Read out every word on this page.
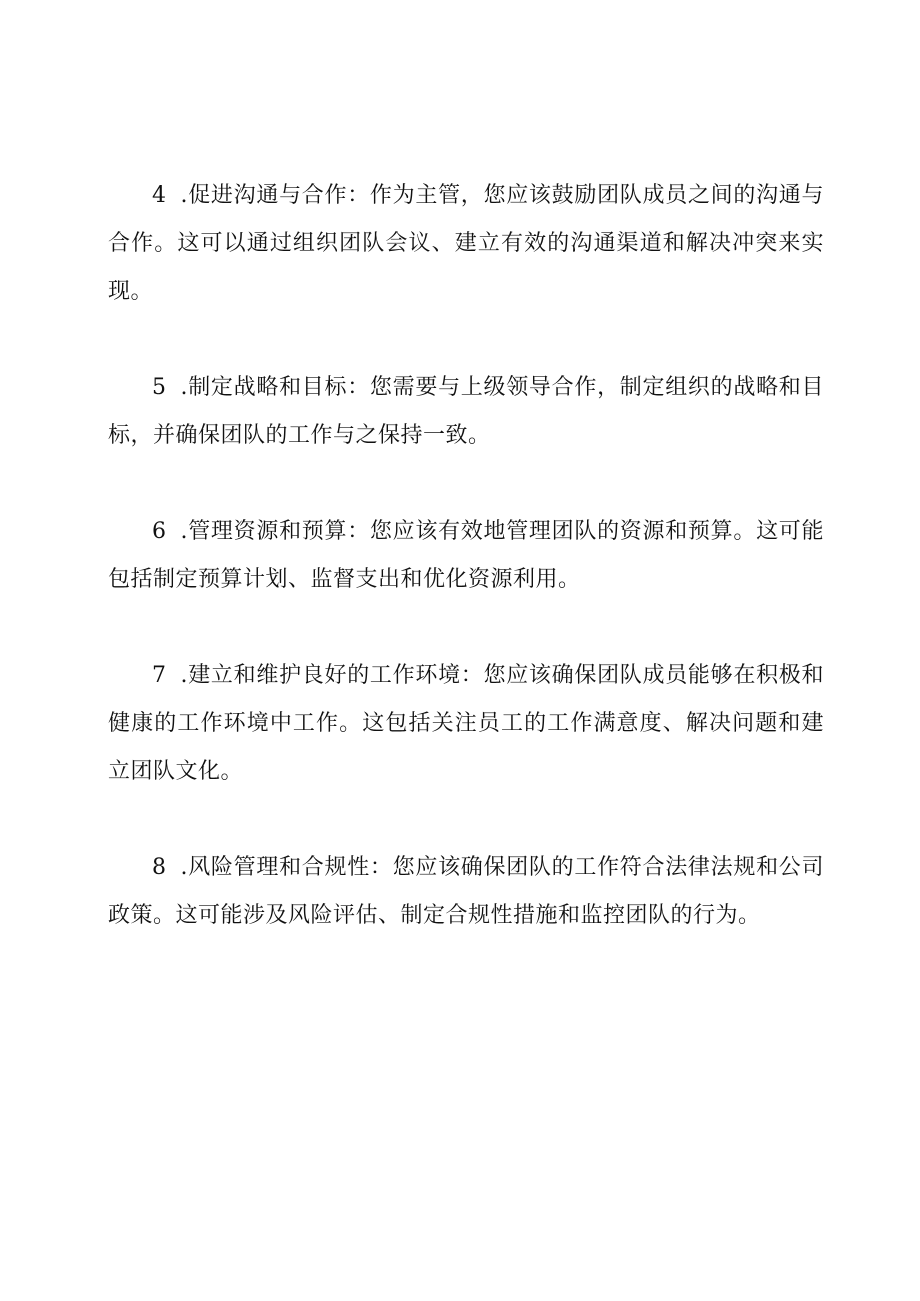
4 .促进沟通与合作：作为主管，您应该鼓励团队成员之间的沟通与合作。这可以通过组织团队会议、建立有效的沟通渠道和解决冲突来实现。

5 .制定战略和目标：您需要与上级领导合作，制定组织的战略和目标，并确保团队的工作与之保持一致。

6 .管理资源和预算：您应该有效地管理团队的资源和预算。这可能包括制定预算计划、监督支出和优化资源利用。

7 .建立和维护良好的工作环境：您应该确保团队成员能够在积极和健康的工作环境中工作。这包括关注员工的工作满意度、解决问题和建立团队文化。

8 .风险管理和合规性：您应该确保团队的工作符合法律法规和公司政策。这可能涉及风险评估、制定合规性措施和监控团队的行为。
